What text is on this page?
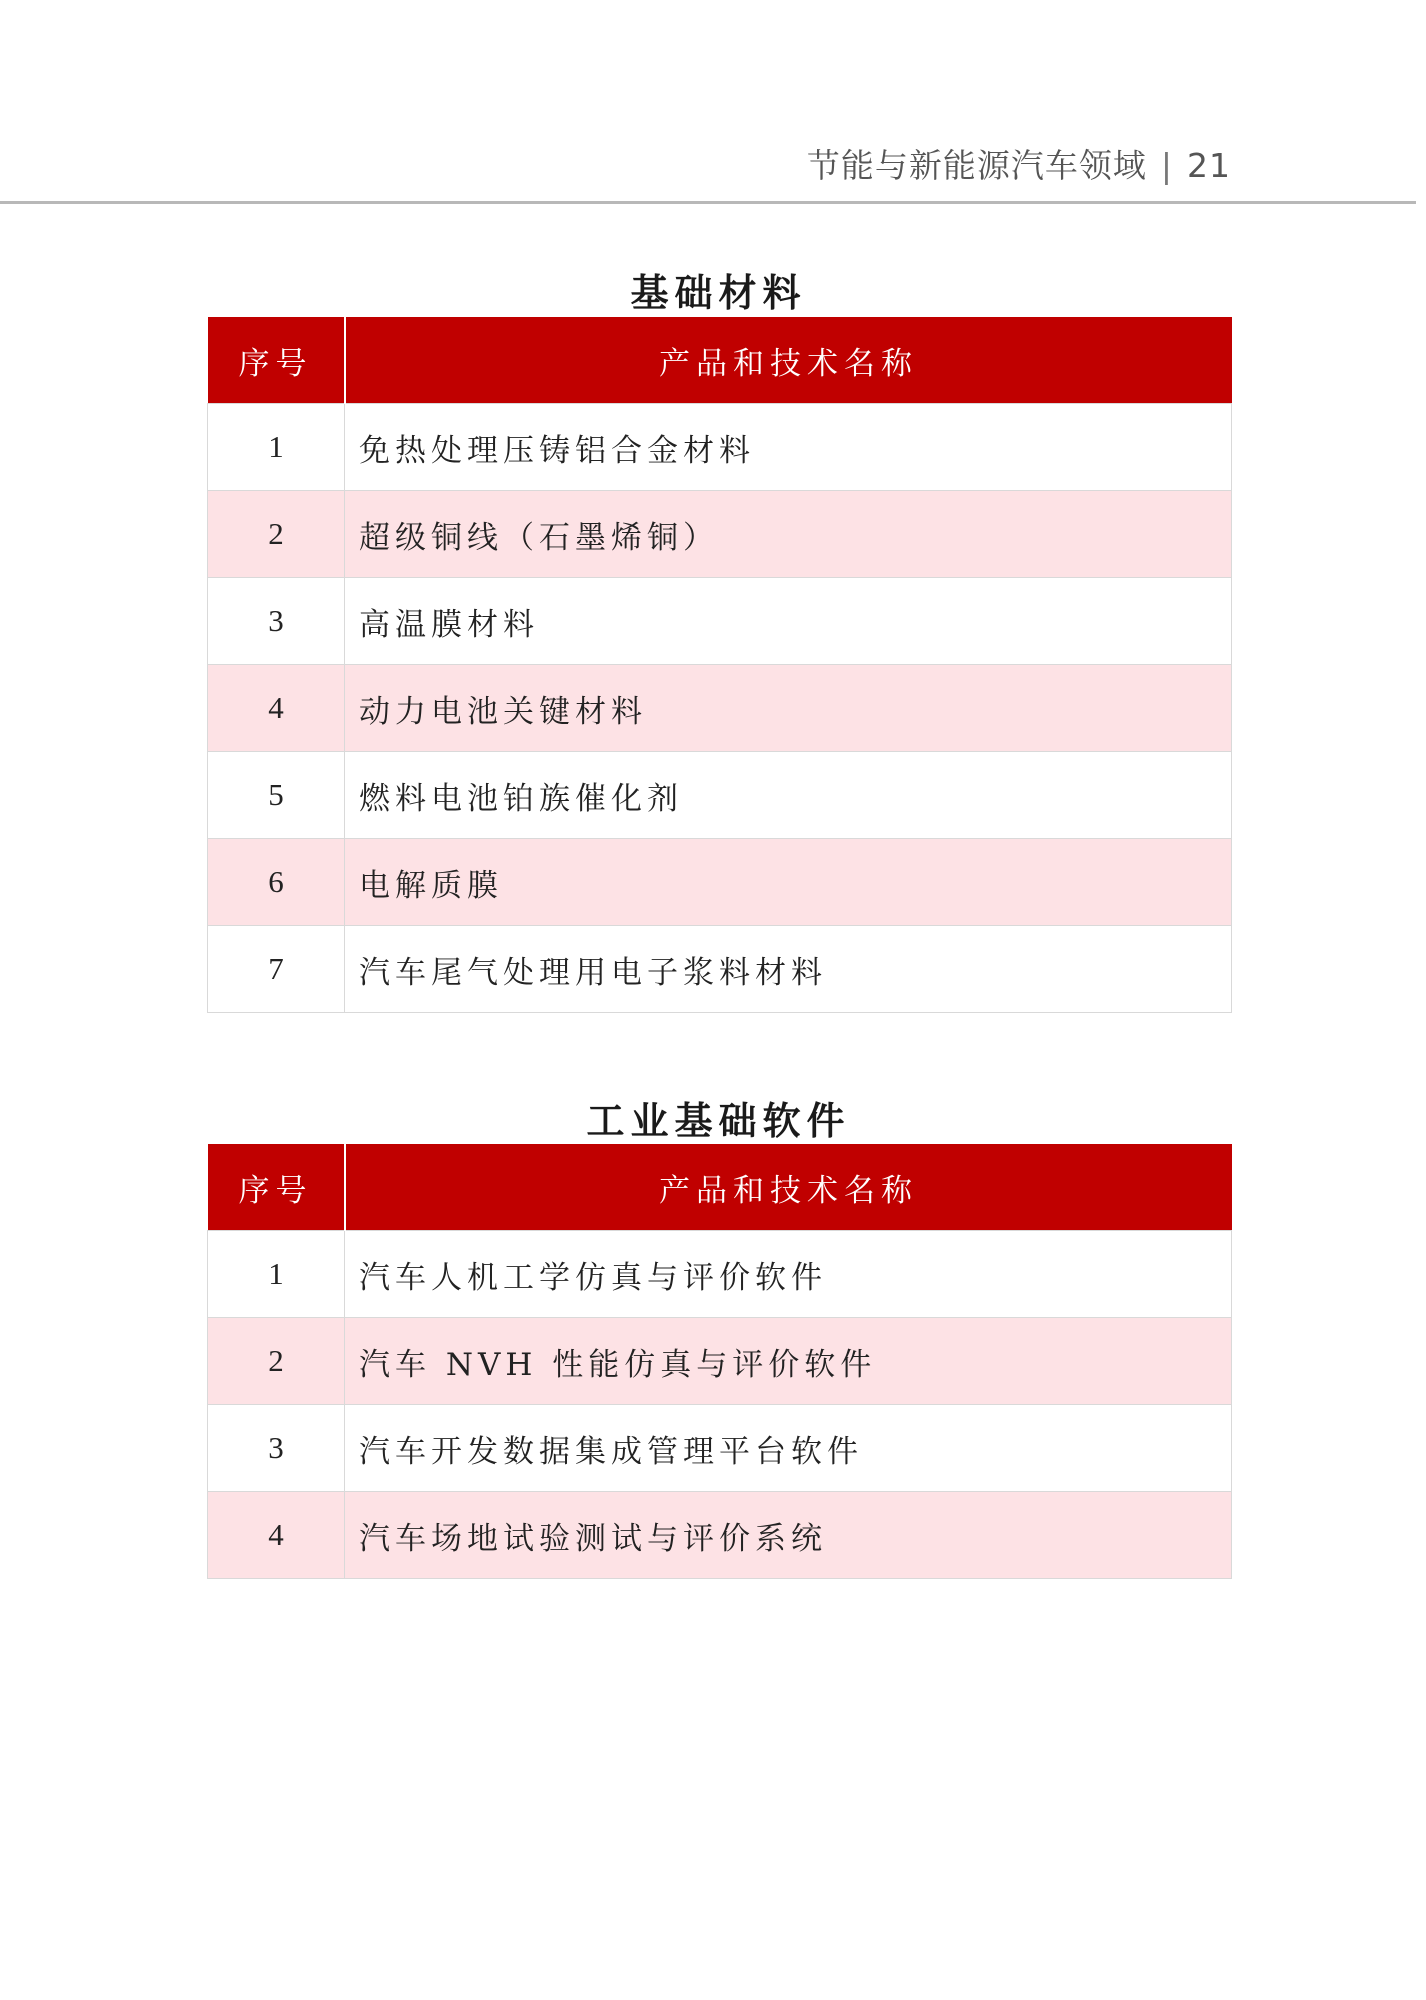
节能与新能源汽车领域 | 21
基础材料
序号	产品和技术名称
1	免热处理压铸铝合金材料
2	超级铜线（石墨烯铜）
3	高温膜材料
4	动力电池关键材料
5	燃料电池铂族催化剂
6	电解质膜
7	汽车尾气处理用电子浆料材料
工业基础软件
序号	产品和技术名称
1	汽车人机工学仿真与评价软件
2	汽车 NVH 性能仿真与评价软件
3	汽车开发数据集成管理平台软件
4	汽车场地试验测试与评价系统
